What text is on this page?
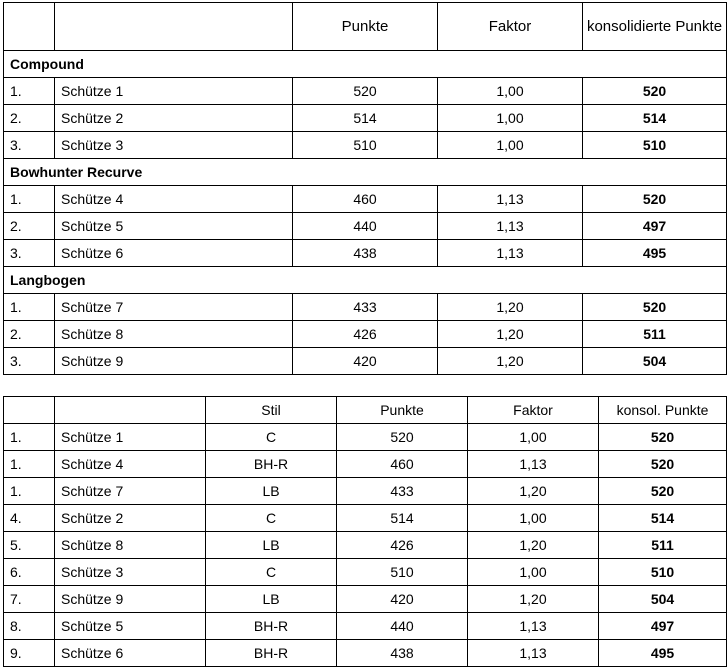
		Punkte	Faktor	konsolidierte Punkte
Compound				
1.	Schütze 1	520	1,00	520
2.	Schütze 2	514	1,00	514
3.	Schütze 3	510	1,00	510
Bowhunter Recurve				
1.	Schütze 4	460	1,13	520
2.	Schütze 5	440	1,13	497
3.	Schütze 6	438	1,13	495
Langbogen				
1.	Schütze 7	433	1,20	520
2.	Schütze 8	426	1,20	511
3.	Schütze 9	420	1,20	504
		Stil	Punkte	Faktor	konsol. Punkte
1.	Schütze 1	C	520	1,00	520
1.	Schütze 4	BH-R	460	1,13	520
1.	Schütze 7	LB	433	1,20	520
4.	Schütze 2	C	514	1,00	514
5.	Schütze 8	LB	426	1,20	511
6.	Schütze 3	C	510	1,00	510
7.	Schütze 9	LB	420	1,20	504
8.	Schütze 5	BH-R	440	1,13	497
9.	Schütze 6	BH-R	438	1,13	495
